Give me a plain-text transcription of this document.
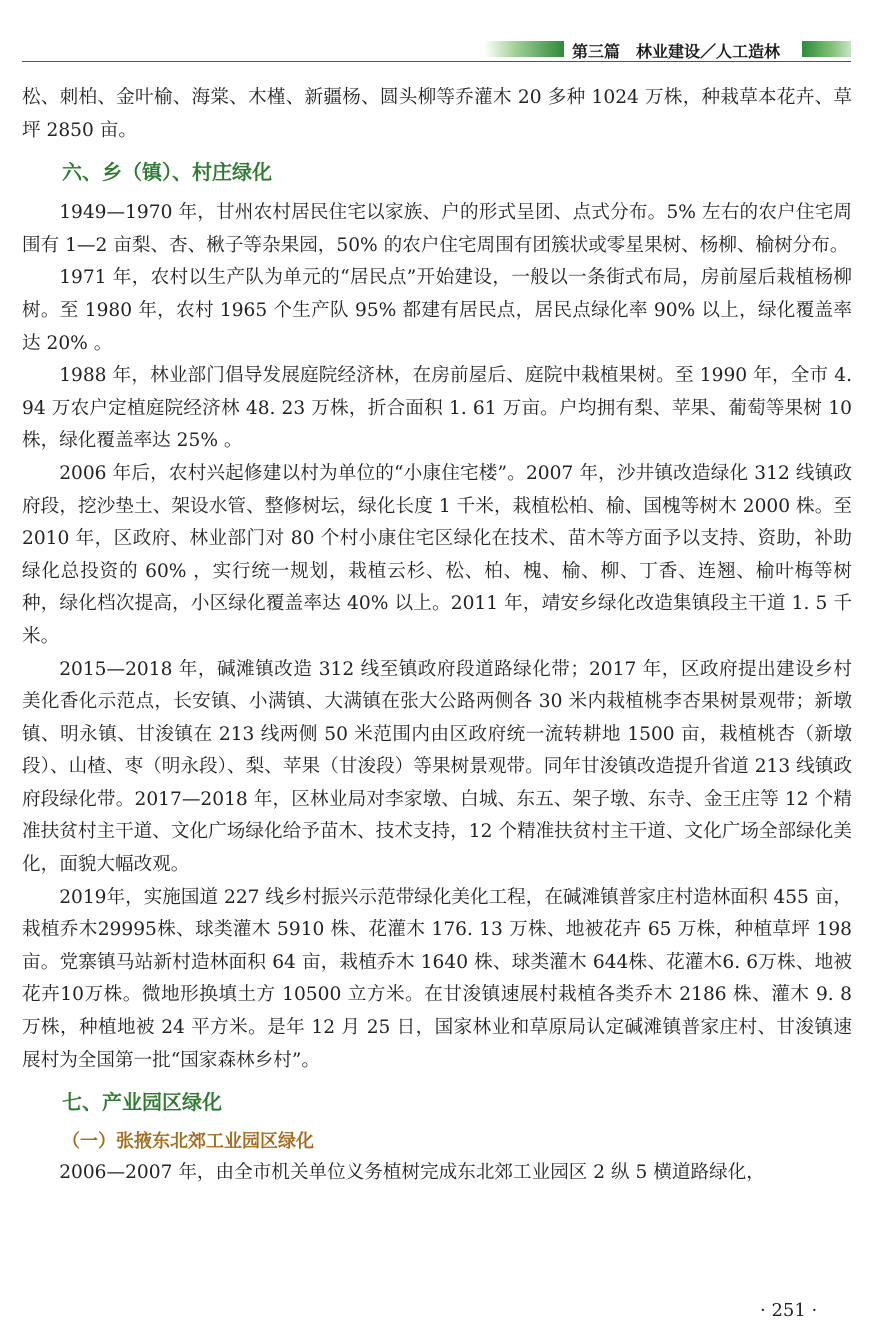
第三篇　林业建设／人工造林

松、刺柏、金叶榆、海棠、木槿、新疆杨、圆头柳等乔灌木 20 多种 1024 万株，种栽草本花卉、草坪 2850 亩。

六、乡（镇）、村庄绿化

1949—1970 年，甘州农村居民住宅以家族、户的形式呈团、点式分布。5% 左右的农户住宅周围有 1—2 亩梨、杏、楸子等杂果园，50% 的农户住宅周围有团簇状或零星果树、杨柳、榆树分布。

1971 年，农村以生产队为单元的“居民点”开始建设，一般以一条街式布局，房前屋后栽植杨柳树。至 1980 年，农村 1965 个生产队 95% 都建有居民点，居民点绿化率 90% 以上，绿化覆盖率达 20% 。

1988 年，林业部门倡导发展庭院经济林，在房前屋后、庭院中栽植果树。至 1990 年，全市 4. 94 万农户定植庭院经济林 48. 23 万株，折合面积 1. 61 万亩。户均拥有梨、苹果、葡萄等果树 10 株，绿化覆盖率达 25% 。

2006 年后，农村兴起修建以村为单位的“小康住宅楼”。2007 年，沙井镇改造绿化 312 线镇政府段，挖沙垫土、架设水管、整修树坛，绿化长度 1 千米，栽植松柏、榆、国槐等树木 2000 株。至 2010 年，区政府、林业部门对 80 个村小康住宅区绿化在技术、苗木等方面予以支持、资助，补助绿化总投资的 60% ，实行统一规划，栽植云杉、松、柏、槐、榆、柳、丁香、连翘、榆叶梅等树种，绿化档次提高，小区绿化覆盖率达 40% 以上。2011 年，靖安乡绿化改造集镇段主干道 1. 5 千米。

2015—2018 年，碱滩镇改造 312 线至镇政府段道路绿化带；2017 年，区政府提出建设乡村美化香化示范点，长安镇、小满镇、大满镇在张大公路两侧各 30 米内栽植桃李杏果树景观带；新墩镇、明永镇、甘浚镇在 213 线两侧 50 米范围内由区政府统一流转耕地 1500 亩，栽植桃杏（新墩段）、山楂、枣（明永段）、梨、苹果（甘浚段）等果树景观带。同年甘浚镇改造提升省道 213 线镇政府段绿化带。2017—2018 年，区林业局对李家墩、白城、东五、架子墩、东寺、金王庄等 12 个精准扶贫村主干道、文化广场绿化给予苗木、技术支持，12 个精准扶贫村主干道、文化广场全部绿化美化，面貌大幅改观。

2019年，实施国道 227 线乡村振兴示范带绿化美化工程，在碱滩镇普家庄村造林面积 455 亩，栽植乔木29995株、球类灌木 5910 株、花灌木 176. 13 万株、地被花卉 65 万株，种植草坪 198 亩。党寨镇马站新村造林面积 64 亩，栽植乔木 1640 株、球类灌木 644株、花灌木6. 6万株、地被花卉10万株。微地形换填土方 10500 立方米。在甘浚镇速展村栽植各类乔木 2186 株、灌木 9. 8 万株，种植地被 24 平方米。是年 12 月 25 日，国家林业和草原局认定碱滩镇普家庄村、甘浚镇速展村为全国第一批“国家森林乡村”。

七、产业园区绿化
（一）张掖东北郊工业园区绿化

2006—2007 年，由全市机关单位义务植树完成东北郊工业园区 2 纵 5 横道路绿化，

· 251 ·
